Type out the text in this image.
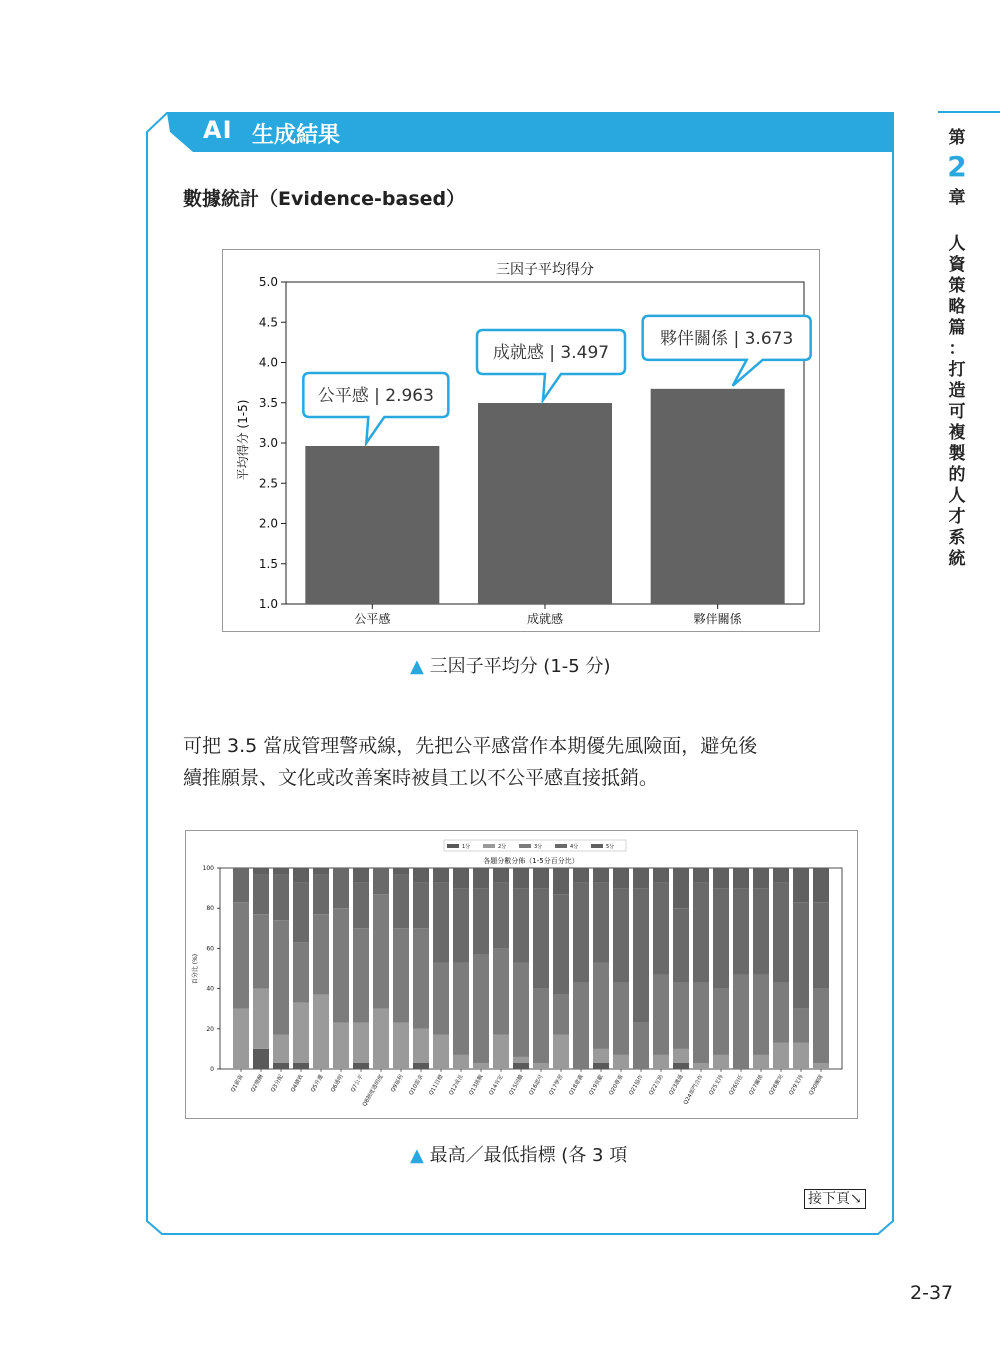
AI 生成結果	第
2
章
人
資
策
略
篇
：
打
造
可
複
製
的
人
才
系
統
數據統計（Evidence-based）
三因子平均得分
平均得分 (1-5)
1.0
1.5
2.0
2.5
3.0
3.5
4.0
4.5
5.0
公平感
公平感 | 2.963
成就感
成就感 | 3.497
夥伴關係
夥伴關係 | 3.673
▲ 三因子平均分 (1-5 分)
可把 3.5 當成管理警戒線，先把公平感當作本期優先風險面，避免後
續推願景、文化或改善案時被員工以不公平感直接抵銷。
各題分數分佈（1-5分百分比）
百分比 (%)
0
20
40
60
80
100
1分	2分	3分	4分	5分
Q1薪資 Q2獎酬 Q3分配 Q4績效 Q5升遷 Q6透明 Q7公平
Q8制度透明度 Q9福利 Q10需求 Q11目標 Q12成長 Q13挑戰 Q14肯定 Q15回饋 Q16認可 Q17學習 Q18意義 Q19貢獻 Q20尊重 Q21協作 Q22互助 Q23溝通
Q24部門合作 Q25支持 Q26信任 Q27關係 Q28衝突 Q29支持 Q30團隊
▲ 最高／最低指標 (各 3 項
接下頁↘
2-37
